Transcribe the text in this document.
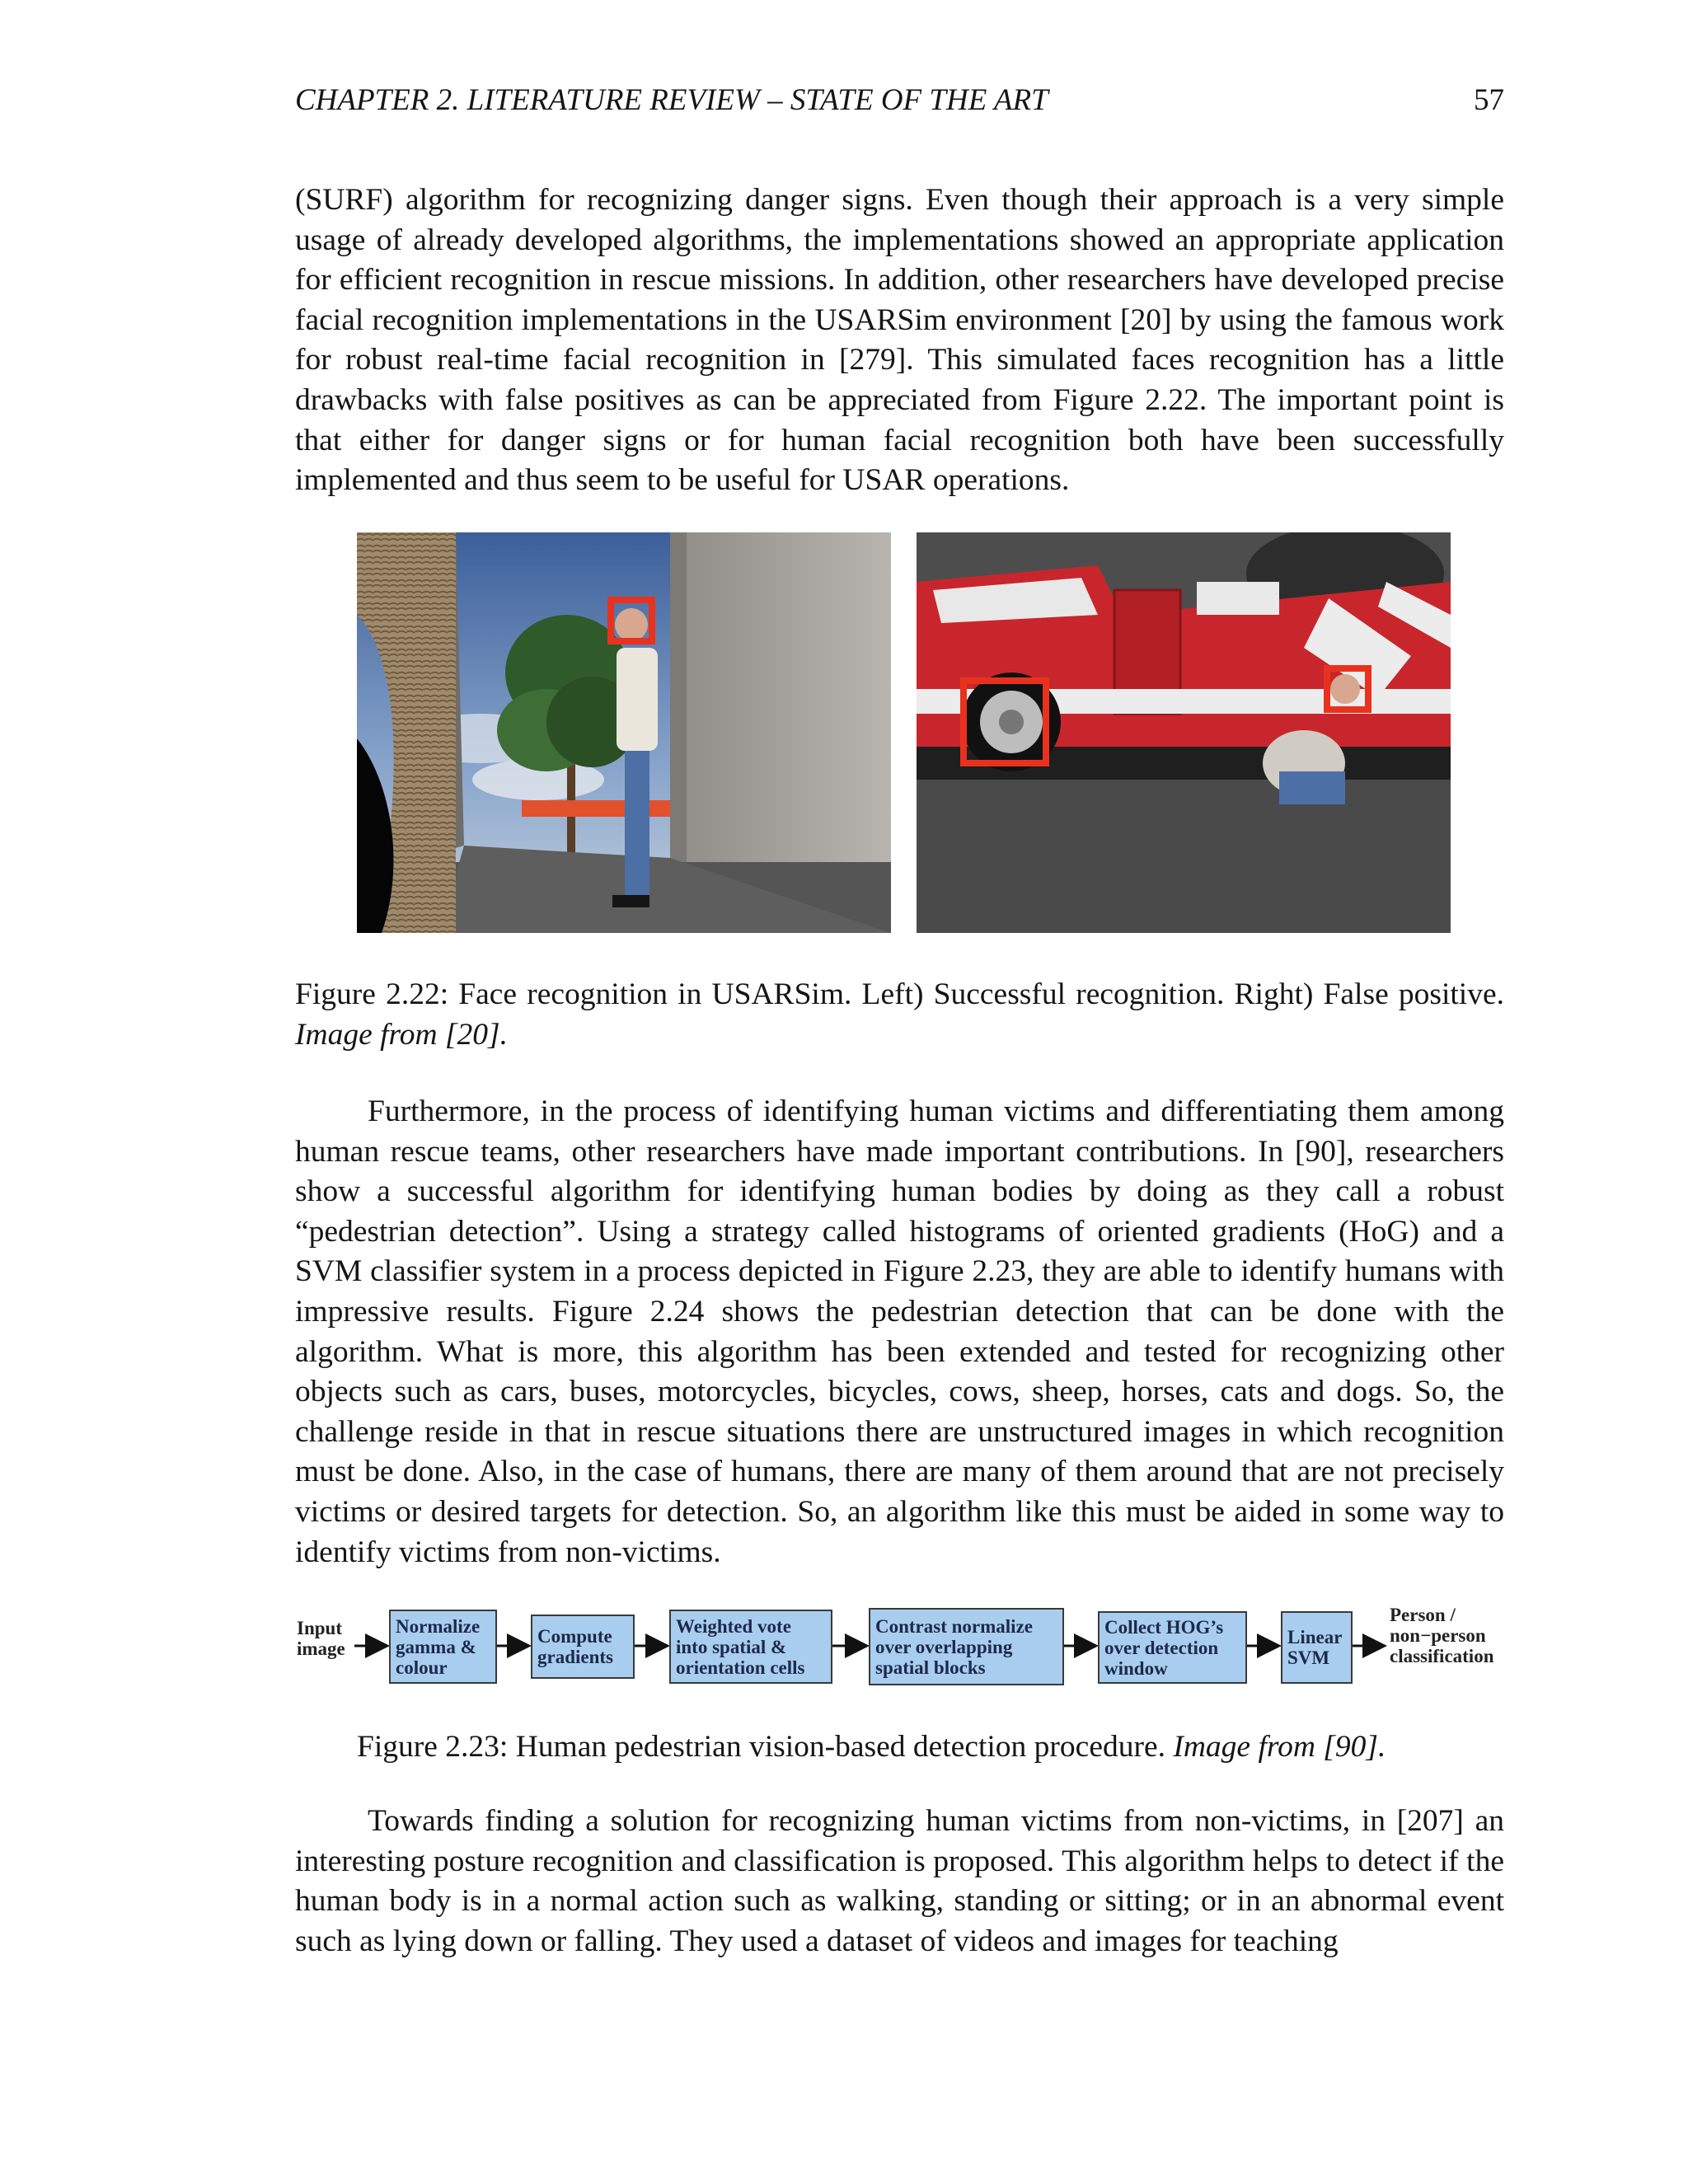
CHAPTER 2. LITERATURE REVIEW – STATE OF THE ART	57

(SURF) algorithm for recognizing danger signs. Even though their approach is a very simple usage of already developed algorithms, the implementations showed an appropriate application for efficient recognition in rescue missions. In addition, other researchers have developed precise facial recognition implementations in the USARSim environment [20] by using the famous work for robust real-time facial recognition in [279]. This simulated faces recognition has a little drawbacks with false positives as can be appreciated from Figure 2.22. The important point is that either for danger signs or for human facial recognition both have been successfully implemented and thus seem to be useful for USAR operations.

Figure 2.22: Face recognition in USARSim. Left) Successful recognition. Right) False positive. Image from [20].

Furthermore, in the process of identifying human victims and differentiating them among human rescue teams, other researchers have made important contributions. In [90], researchers show a successful algorithm for identifying human bodies by doing as they call a robust “pedestrian detection”. Using a strategy called histograms of oriented gradients (HoG) and a SVM classifier system in a process depicted in Figure 2.23, they are able to identify humans with impressive results. Figure 2.24 shows the pedestrian detection that can be done with the algorithm. What is more, this algorithm has been extended and tested for recognizing other objects such as cars, buses, motorcycles, bicycles, cows, sheep, horses, cats and dogs. So, the challenge reside in that in rescue situations there are unstructured images in which recognition must be done. Also, in the case of humans, there are many of them around that are not precisely victims or desired targets for detection. So, an algorithm like this must be aided in some way to identify victims from non-victims.

Input
image
Normalize
gamma &
colour
Compute
gradients
Weighted vote
into spatial &
orientation cells
Contrast normalize
over overlapping
spatial blocks
Collect HOG’s
over detection
window
Linear
SVM
Person /
non−person
classification
Figure 2.23: Human pedestrian vision-based detection procedure. Image from [90].

Towards finding a solution for recognizing human victims from non-victims, in [207] an interesting posture recognition and classification is proposed. This algorithm helps to detect if the human body is in a normal action such as walking, standing or sitting; or in an abnormal event such as lying down or falling. They used a dataset of videos and images for teaching
